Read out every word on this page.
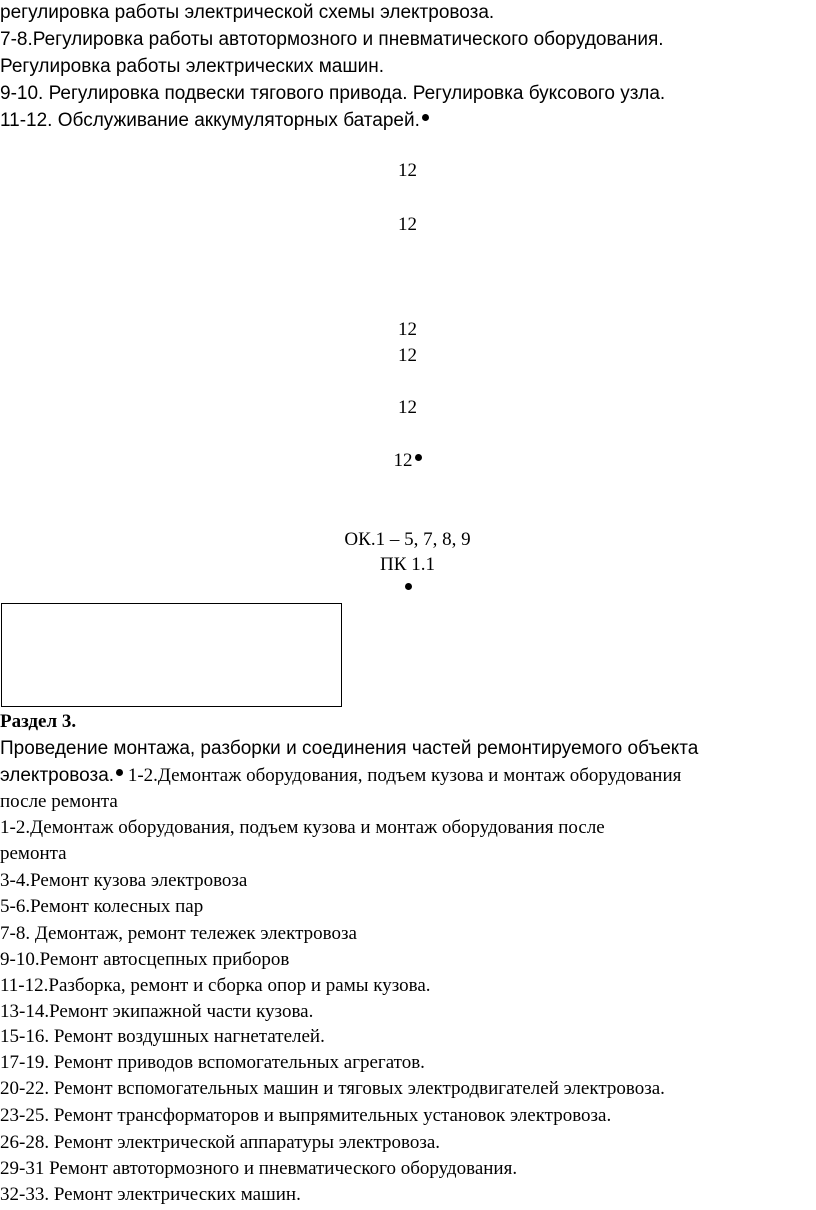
регулировка работы электрической схемы электровоза.
7-8.Регулировка работы автотормозного и пневматического оборудования.
Регулировка работы электрических машин.
9-10. Регулировка подвески тягового привода. Регулировка буксового узла.
11-12. Обслуживание аккумуляторных батарей.
12
12
12
12
12
12
ОК.1 – 5, 7, 8, 9
ПК 1.1
Раздел 3.
Проведение монтажа, разборки и соединения частей ремонтируемого объекта
электровоза. 1-2.Демонтаж оборудования, подъем кузова и монтаж оборудования
после ремонта
1-2.Демонтаж оборудования, подъем кузова и монтаж оборудования после
ремонта
3-4.Ремонт кузова электровоза
5-6.Ремонт колесных пар
7-8. Демонтаж, ремонт тележек электровоза
9-10.Ремонт автосцепных приборов
11-12.Разборка, ремонт и сборка опор и рамы кузова.
13-14.Ремонт экипажной части кузова.
15-16. Ремонт воздушных нагнетателей.
17-19. Ремонт приводов вспомогательных агрегатов.
20-22. Ремонт вспомогательных машин и тяговых электродвигателей электровоза.
23-25. Ремонт трансформаторов и выпрямительных установок электровоза.
26-28. Ремонт электрической аппаратуры электровоза.
29-31 Ремонт автотормозного и пневматического оборудования.
32-33. Ремонт электрических машин.
